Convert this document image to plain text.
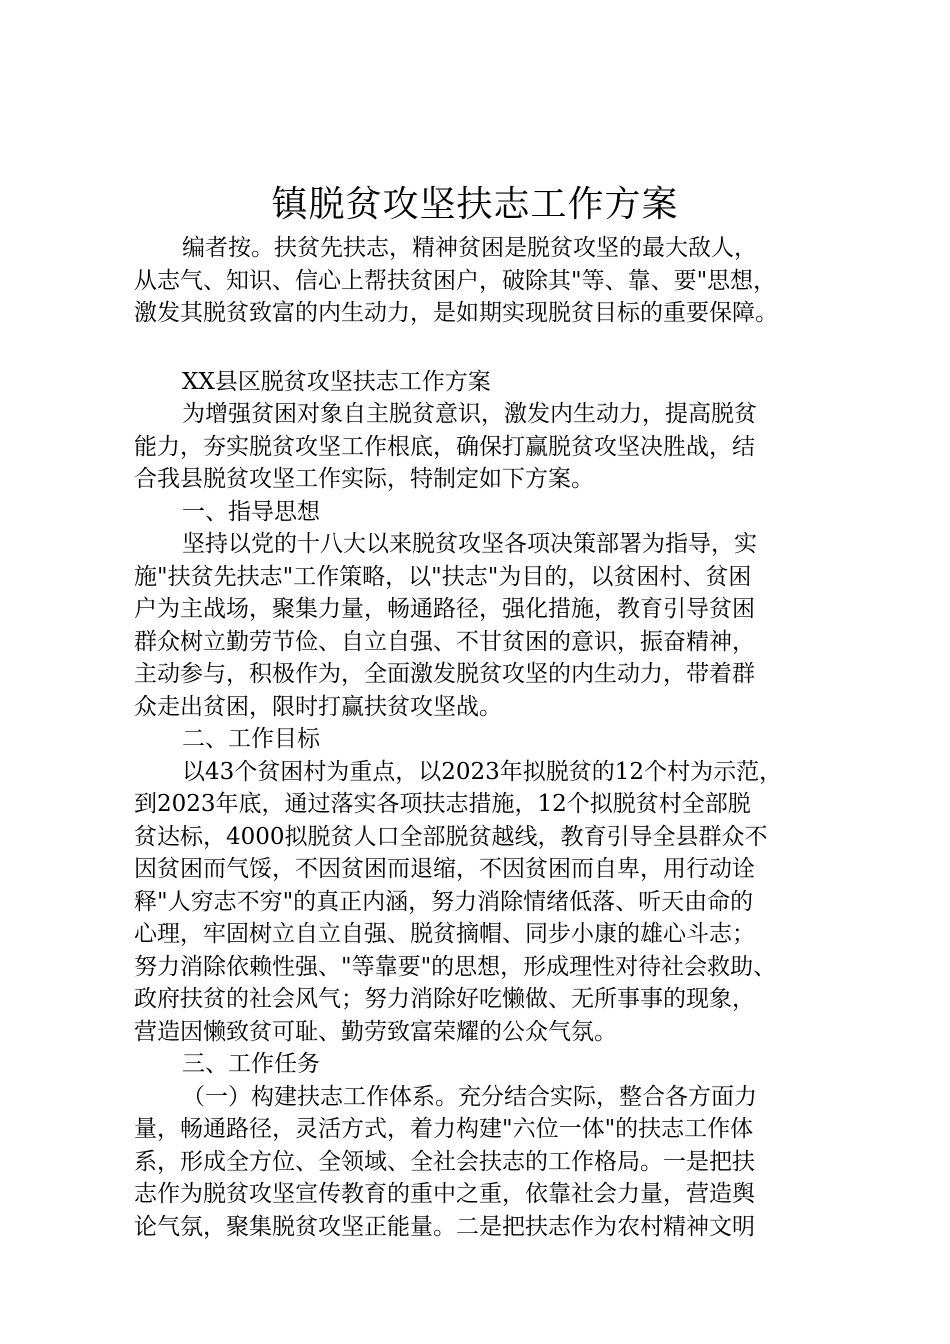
镇脱贫攻坚扶志工作方案
编者按。扶贫先扶志，精神贫困是脱贫攻坚的最大敌人，
从志气、知识、信心上帮扶贫困户，破除其"等、靠、要"思想，
激发其脱贫致富的内生动力，是如期实现脱贫目标的重要保障。
XX县区脱贫攻坚扶志工作方案
为增强贫困对象自主脱贫意识，激发内生动力，提高脱贫
能力，夯实脱贫攻坚工作根底，确保打赢脱贫攻坚决胜战，结
合我县脱贫攻坚工作实际，特制定如下方案。
一、指导思想
坚持以党的十八大以来脱贫攻坚各项决策部署为指导，实
施"扶贫先扶志"工作策略，以"扶志"为目的，以贫困村、贫困
户为主战场，聚集力量，畅通路径，强化措施，教育引导贫困
群众树立勤劳节俭、自立自强、不甘贫困的意识，振奋精神，
主动参与，积极作为，全面激发脱贫攻坚的内生动力，带着群
众走出贫困，限时打赢扶贫攻坚战。
二、工作目标
以43个贫困村为重点，以2023年拟脱贫的12个村为示范，
到2023年底，通过落实各项扶志措施，12个拟脱贫村全部脱
贫达标，4000拟脱贫人口全部脱贫越线，教育引导全县群众不
因贫困而气馁，不因贫困而退缩，不因贫困而自卑，用行动诠
释"人穷志不穷"的真正内涵，努力消除情绪低落、听天由命的
心理，牢固树立自立自强、脱贫摘帽、同步小康的雄心斗志；
努力消除依赖性强、"等靠要"的思想，形成理性对待社会救助、
政府扶贫的社会风气；努力消除好吃懒做、无所事事的现象，
营造因懒致贫可耻、勤劳致富荣耀的公众气氛。
三、工作任务
（一）构建扶志工作体系。充分结合实际，整合各方面力
量，畅通路径，灵活方式，着力构建"六位一体"的扶志工作体
系，形成全方位、全领域、全社会扶志的工作格局。一是把扶
志作为脱贫攻坚宣传教育的重中之重，依靠社会力量，营造舆
论气氛，聚集脱贫攻坚正能量。二是把扶志作为农村精神文明
